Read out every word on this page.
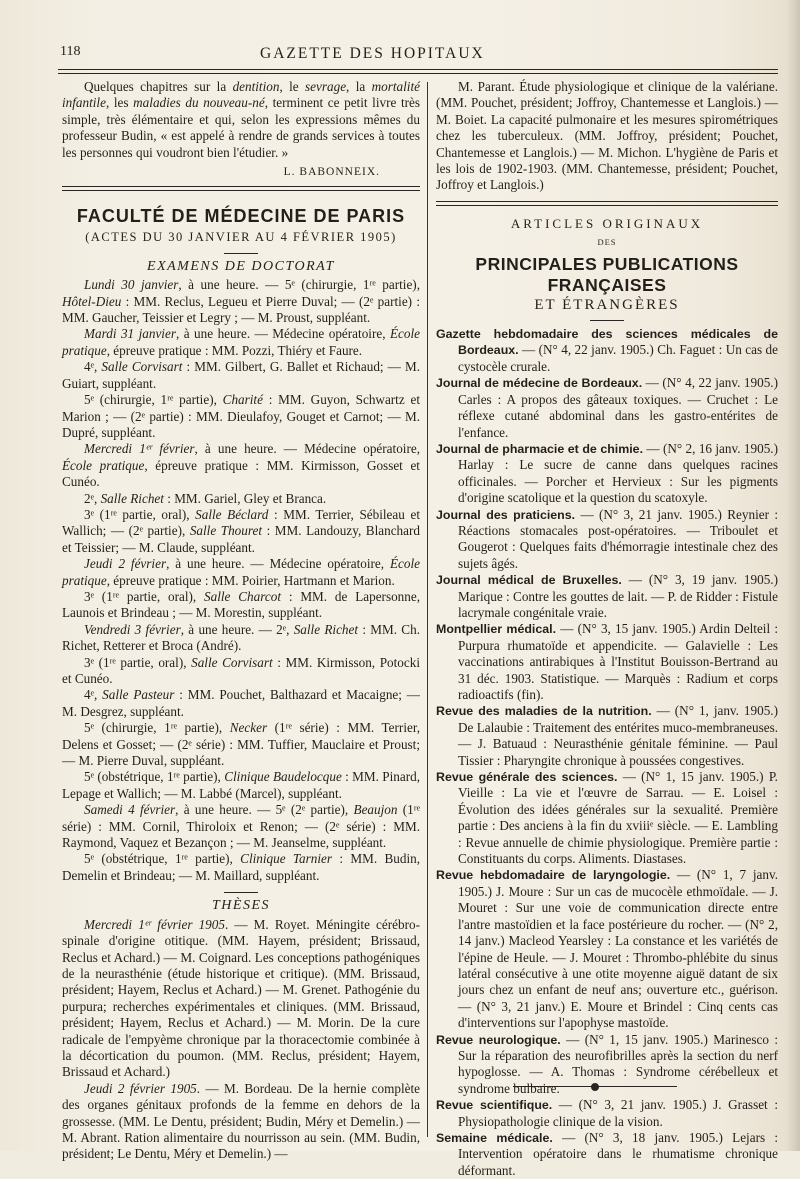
118	GAZETTE DES HOPITAUX

Quelques chapitres sur la dentition, le sevrage, la mortalité infantile, les maladies du nouveau-né, terminent ce petit livre très simple, très élémentaire et qui, selon les expressions mêmes du professeur Budin, « est appelé à rendre de grands services à toutes les personnes qui voudront bien l'étudier. »

L. BABONNEIX.

FACULTÉ DE MÉDECINE DE PARIS

(ACTES DU 30 JANVIER AU 4 FÉVRIER 1905)

EXAMENS DE DOCTORAT

Lundi 30 janvier, à une heure. — 5ᵉ (chirurgie, 1ʳᵉ partie), Hôtel-Dieu : MM. Reclus, Legueu et Pierre Duval; — (2ᵉ partie) : MM. Gaucher, Teissier et Legry ; — M. Proust, suppléant.

Mardi 31 janvier, à une heure. — Médecine opératoire, École pratique, épreuve pratique : MM. Pozzi, Thiéry et Faure.

4ᵉ, Salle Corvisart : MM. Gilbert, G. Ballet et Richaud; — M. Guiart, suppléant.

5ᵉ (chirurgie, 1ʳᵉ partie), Charité : MM. Guyon, Schwartz et Marion ; — (2ᵉ partie) : MM. Dieulafoy, Gouget et Carnot; — M. Dupré, suppléant.

Mercredi 1ᵉʳ février, à une heure. — Médecine opératoire, École pratique, épreuve pratique : MM. Kirmisson, Gosset et Cunéo.

2ᵉ, Salle Richet : MM. Gariel, Gley et Branca.

3ᵉ (1ʳᵉ partie, oral), Salle Béclard : MM. Terrier, Sébileau et Wallich; — (2ᵉ partie), Salle Thouret : MM. Landouzy, Blanchard et Teissier; — M. Claude, suppléant.

Jeudi 2 février, à une heure. — Médecine opératoire, École pratique, épreuve pratique : MM. Poirier, Hartmann et Marion.

3ᵉ (1ʳᵉ partie, oral), Salle Charcot : MM. de Lapersonne, Launois et Brindeau ; — M. Morestin, suppléant.

Vendredi 3 février, à une heure. — 2ᵉ, Salle Richet : MM. Ch. Richet, Retterer et Broca (André).

3ᵉ (1ʳᵉ partie, oral), Salle Corvisart : MM. Kirmisson, Potocki et Cunéo.

4ᵉ, Salle Pasteur : MM. Pouchet, Balthazard et Macaigne; — M. Desgrez, suppléant.

5ᵉ (chirurgie, 1ʳᵉ partie), Necker (1ʳᵉ série) : MM. Terrier, Delens et Gosset; — (2ᵉ série) : MM. Tuffier, Mauclaire et Proust; — M. Pierre Duval, suppléant.

5ᵉ (obstétrique, 1ʳᵉ partie), Clinique Baudelocque : MM. Pinard, Lepage et Wallich; — M. Labbé (Marcel), suppléant.

Samedi 4 février, à une heure. — 5ᵉ (2ᵉ partie), Beaujon (1ʳᵉ série) : MM. Cornil, Thiroloix et Renon; — (2ᵉ série) : MM. Raymond, Vaquez et Bezançon ; — M. Jeanselme, suppléant.

5ᵉ (obstétrique, 1ʳᵉ partie), Clinique Tarnier : MM. Budin, Demelin et Brindeau; — M. Maillard, suppléant.

THÈSES

Mercredi 1ᵉʳ février 1905. — M. Royet. Méningite cérébro-spinale d'origine otitique. (MM. Hayem, président; Brissaud, Reclus et Achard.) — M. Coignard. Les conceptions pathogéniques de la neurasthénie (étude historique et critique). (MM. Brissaud, président; Hayem, Reclus et Achard.) — M. Grenet. Pathogénie du purpura; recherches expérimentales et cliniques. (MM. Brissaud, président; Hayem, Reclus et Achard.) — M. Morin. De la cure radicale de l'empyème chronique par la thoracectomie combinée à la décortication du poumon. (MM. Reclus, président; Hayem, Brissaud et Achard.)

Jeudi 2 février 1905. — M. Bordeau. De la hernie complète des organes génitaux profonds de la femme en dehors de la grossesse. (MM. Le Dentu, président; Budin, Méry et Demelin.) — M. Abrant. Ration alimentaire du nourrisson au sein. (MM. Budin, président; Le Dentu, Méry et Demelin.) —

M. Parant. Étude physiologique et clinique de la valériane. (MM. Pouchet, président; Joffroy, Chantemesse et Langlois.) — M. Boiet. La capacité pulmonaire et les mesures spirométriques chez les tuberculeux. (MM. Joffroy, président; Pouchet, Chantemesse et Langlois.) — M. Michon. L'hygiène de Paris et les lois de 1902-1903. (MM. Chantemesse, président; Pouchet, Joffroy et Langlois.)

ARTICLES ORIGINAUX

DES

PRINCIPALES PUBLICATIONS FRANÇAISES

ET ÉTRANGÈRES

Gazette hebdomadaire des sciences médicales de Bordeaux. — (N° 4, 22 janv. 1905.) Ch. Faguet : Un cas de cystocèle crurale.

Journal de médecine de Bordeaux. — (N° 4, 22 janv. 1905.) Carles : A propos des gâteaux toxiques. — Cruchet : Le réflexe cutané abdominal dans les gastro-entérites de l'enfance.

Journal de pharmacie et de chimie. — (N° 2, 16 janv. 1905.) Harlay : Le sucre de canne dans quelques racines officinales. — Porcher et Hervieux : Sur les pigments d'origine scatolique et la question du scatoxyle.

Journal des praticiens. — (N° 3, 21 janv. 1905.) Reynier : Réactions stomacales post-opératoires. — Triboulet et Gougerot : Quelques faits d'hémorragie intestinale chez des sujets âgés.

Journal médical de Bruxelles. — (N° 3, 19 janv. 1905.) Marique : Contre les gouttes de lait. — P. de Ridder : Fistule lacrymale congénitale vraie.

Montpellier médical. — (N° 3, 15 janv. 1905.) Ardin Delteil : Purpura rhumatoïde et appendicite. — Galavielle : Les vaccinations antirabiques à l'Institut Bouisson-Bertrand au 31 déc. 1903. Statistique. — Marquès : Radium et corps radioactifs (fin).

Revue des maladies de la nutrition. — (N° 1, janv. 1905.) De Lalaubie : Traitement des entérites muco-membraneuses. — J. Batuaud : Neurasthénie génitale féminine. — Paul Tissier : Pharyngite chronique à poussées congestives.

Revue générale des sciences. — (N° 1, 15 janv. 1905.) P. Vieille : La vie et l'œuvre de Sarrau. — E. Loisel : Évolution des idées générales sur la sexualité. Première partie : Des anciens à la fin du xviiiᵉ siècle. — E. Lambling : Revue annuelle de chimie physiologique. Première partie : Constituants du corps. Aliments. Diastases.

Revue hebdomadaire de laryngologie. — (N° 1, 7 janv. 1905.) J. Moure : Sur un cas de mucocèle ethmoïdale. — J. Mouret : Sur une voie de communication directe entre l'antre mastoïdien et la face postérieure du rocher. — (N° 2, 14 janv.) Macleod Yearsley : La constance et les variétés de l'épine de Heule. — J. Mouret : Thrombo-phlébite du sinus latéral consécutive à une otite moyenne aiguë datant de six jours chez un enfant de neuf ans; ouverture etc., guérison. — (N° 3, 21 janv.) E. Moure et Brindel : Cinq cents cas d'interventions sur l'apophyse mastoïde.

Revue neurologique. — (N° 1, 15 janv. 1905.) Marinesco : Sur la réparation des neurofibrilles après la section du nerf hypoglosse. — A. Thomas : Syndrome cérébelleux et syndrome bulbaire.

Revue scientifique. — (N° 3, 21 janv. 1905.) J. Grasset : Physiopathologie clinique de la vision.

Semaine médicale. — (N° 3, 18 janv. 1905.) Lejars : Intervention opératoire dans le rhumatisme chronique déformant.
